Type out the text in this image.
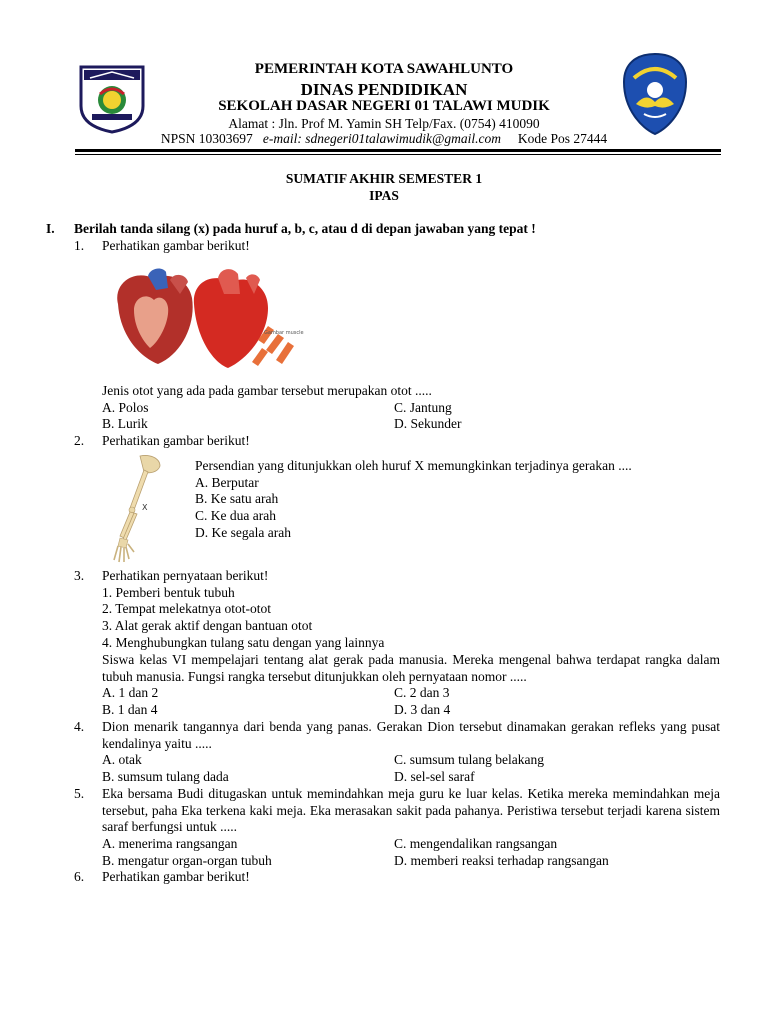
PEMERINTAH KOTA SAWAHLUNTO
DINAS PENDIDIKAN
SEKOLAH DASAR NEGERI 01 TALAWI MUDIK
Alamat : Jln. Prof M. Yamin SH Telp/Fax. (0754) 410090
NPSN 10303697 e-mail: sdnegeri01talawimudik@gmail.com Kode Pos 27444
SUMATIF AKHIR SEMESTER 1
IPAS
I. Berilah tanda silang (x) pada huruf a, b, c, atau d di depan jawaban yang tepat !
1. Perhatikan gambar berikut!
Gambar muscle
Jenis otot yang ada pada gambar tersebut merupakan otot .....
A. Polos	C. Jantung
B. Lurik	D. Sekunder
2. Perhatikan gambar berikut!
X
Persendian yang ditunjukkan oleh huruf X memungkinkan terjadinya gerakan ....
A. Berputar
B. Ke satu arah
C. Ke dua arah
D. Ke segala arah
3. Perhatikan pernyataan berikut!
1. Pemberi bentuk tubuh
2. Tempat melekatnya otot-otot
3. Alat gerak aktif dengan bantuan otot
4. Menghubungkan tulang satu dengan yang lainnya
Siswa kelas VI mempelajari tentang alat gerak pada manusia. Mereka mengenal bahwa terdapat rangka dalam tubuh manusia. Fungsi rangka tersebut ditunjukkan oleh pernyataan nomor .....
A. 1 dan 2	C. 2 dan 3
B. 1 dan 4	D. 3 dan 4
4. Dion menarik tangannya dari benda yang panas. Gerakan Dion tersebut dinamakan gerakan refleks yang pusat kendalinya yaitu .....
A. otak	C. sumsum tulang belakang
B. sumsum tulang dada	D. sel-sel saraf
5. Eka bersama Budi ditugaskan untuk memindahkan meja guru ke luar kelas. Ketika mereka memindahkan meja tersebut, paha Eka terkena kaki meja. Eka merasakan sakit pada pahanya. Peristiwa tersebut terjadi karena sistem saraf berfungsi untuk .....
A. menerima rangsangan	C. mengendalikan rangsangan
B. mengatur organ-organ tubuh	D. memberi reaksi terhadap rangsangan
6. Perhatikan gambar berikut!
